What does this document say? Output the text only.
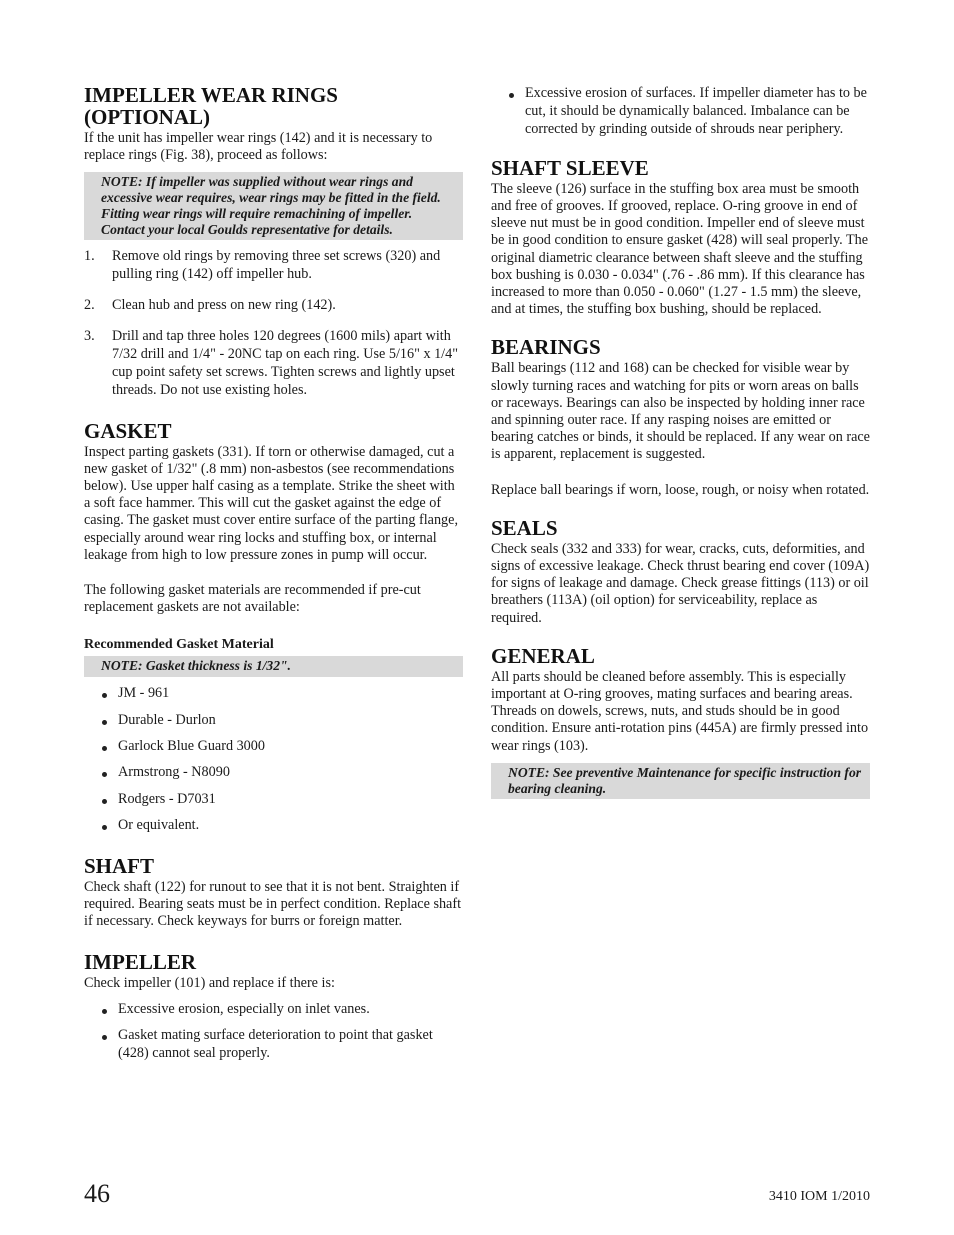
IMPELLER WEAR RINGS
(OPTIONAL)

If the unit has impeller wear rings (142) and it is necessary to replace rings (Fig. 38), proceed as follows:

NOTE: If impeller was supplied without wear rings and excessive wear requires, wear rings may be fitted in the field. Fitting wear rings will require remachining of impeller. Contact your local Goulds representative for details.
1. Remove old rings by removing three set screws (320) and pulling ring (142) off impeller hub.
2. Clean hub and press on new ring (142).
3. Drill and tap three holes 120 degrees (1600 mils) apart with 7/32 drill and 1/4" - 20NC tap on each ring. Use 5/16" x 1/4" cup point safety set screws. Tighten screws and lightly upset threads. Do not use existing holes.
GASKET

Inspect parting gaskets (331). If torn or otherwise damaged, cut a new gasket of 1/32" (.8 mm) non-asbestos (see recommendations below). Use upper half casing as a template. Strike the sheet with a soft face hammer. This will cut the gasket against the edge of casing. The gasket must cover entire surface of the parting flange, especially around wear ring locks and stuffing box, or internal leakage from high to low pressure zones in pump will occur.

The following gasket materials are recommended if pre-cut replacement gaskets are not available:

Recommended Gasket Material

NOTE: Gasket thickness is 1/32".
JM - 961
Durable - Durlon
Garlock Blue Guard 3000
Armstrong - N8090
Rodgers - D7031
Or equivalent.
SHAFT

Check shaft (122) for runout to see that it is not bent. Straighten if required. Bearing seats must be in perfect condition. Replace shaft if necessary. Check keyways for burrs or foreign matter.

IMPELLER

Check impeller (101) and replace if there is:

Excessive erosion, especially on inlet vanes.
Gasket mating surface deterioration to point that gasket (428) cannot seal properly.
Excessive erosion of surfaces. If impeller diameter has to be cut, it should be dynamically balanced. Imbalance can be corrected by grinding outside of shrouds near periphery.
SHAFT SLEEVE

The sleeve (126) surface in the stuffing box area must be smooth and free of grooves. If grooved, replace. O-ring groove in end of sleeve nut must be in good condition. Impeller end of sleeve must be in good condition to ensure gasket (428) will seal properly. The original diametric clearance between shaft sleeve and the stuffing box bushing is 0.030 - 0.034" (.76 - .86 mm). If this clearance has increased to more than 0.050 - 0.060" (1.27 - 1.5 mm) the sleeve, and at times, the stuffing box bushing, should be replaced.

BEARINGS

Ball bearings (112 and 168) can be checked for visible wear by slowly turning races and watching for pits or worn areas on balls or raceways. Bearings can also be inspected by holding inner race and spinning outer race. If any rasping noises are emitted or bearing catches or binds, it should be replaced. If any wear on race is apparent, replacement is suggested.

Replace ball bearings if worn, loose, rough, or noisy when rotated.

SEALS

Check seals (332 and 333) for wear, cracks, cuts, deformities, and signs of excessive leakage. Check thrust bearing end cover (109A) for signs of leakage and damage. Check grease fittings (113) or oil breathers (113A) (oil option) for serviceability, replace as required.

GENERAL

All parts should be cleaned before assembly. This is especially important at O-ring grooves, mating surfaces and bearing areas. Threads on dowels, screws, nuts, and studs should be in good condition. Ensure anti-rotation pins (445A) are firmly pressed into wear rings (103).

NOTE: See preventive Maintenance for specific instruction for bearing cleaning.
46	3410 IOM 1/2010
